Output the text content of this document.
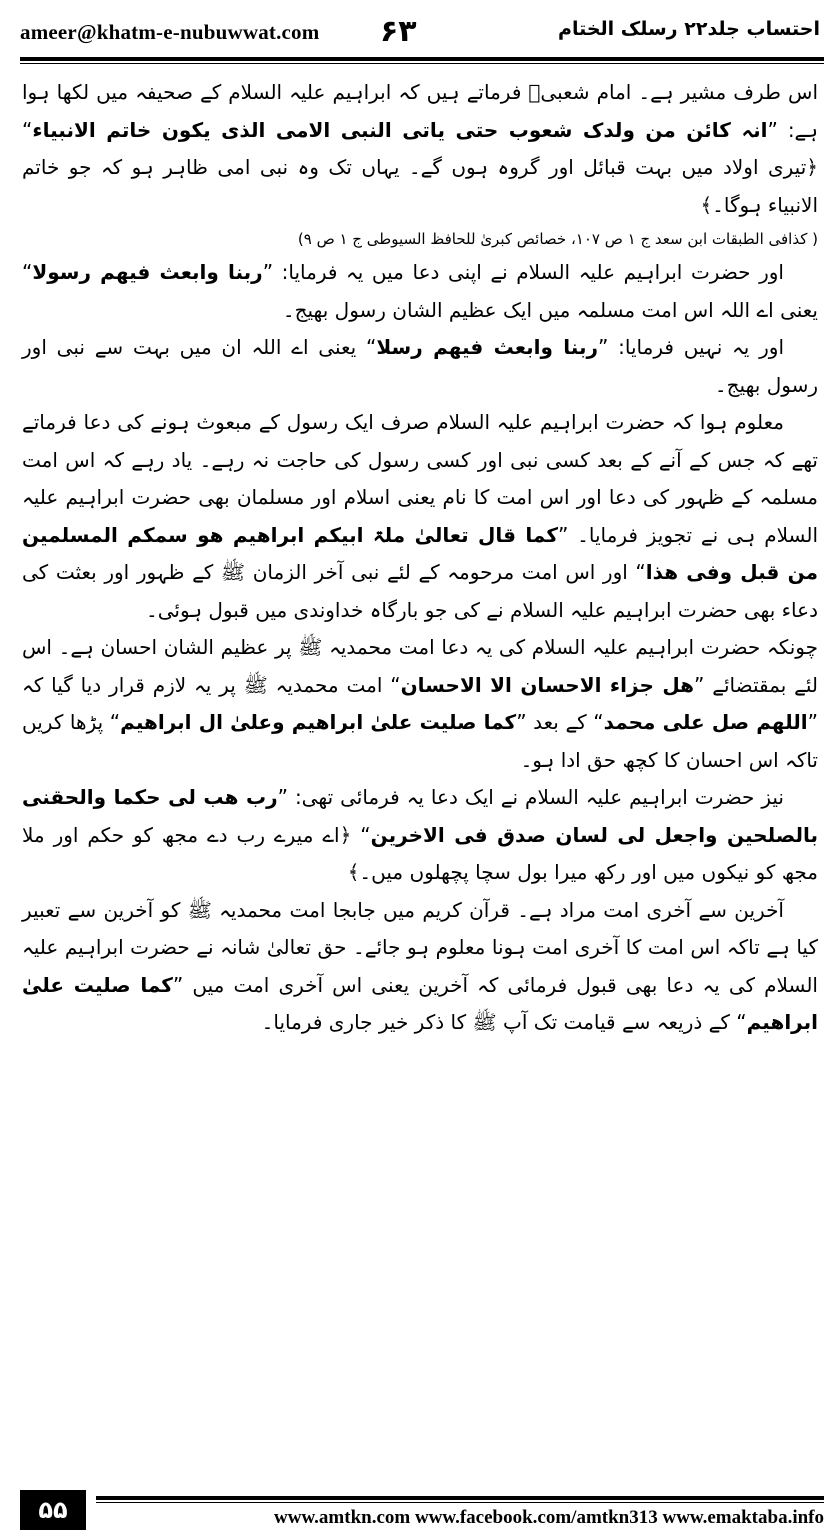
ameer@khatm-e-nubuwwat.com ۶۳	احتساب جلد۲۲ رسلک الختام

اس طرف مشیر ہے۔ امام شعبیؒ فرماتے ہیں کہ ابراہیم علیہ السلام کے صحیفہ میں لکھا ہوا ہے: ”انہ کائن من ولدک شعوب حتی یاتی النبی الامی الذی یکون خاتم الانبیاء“ ﴿تیری اولاد میں بہت قبائل اور گروہ ہوں گے۔ یہاں تک وہ نبی امی ظاہر ہو کہ جو خاتم الانبیاء ہوگا۔﴾

( کذافی الطبقات ابن سعد ج ۱ ص ۱۰۷، خصائص کبریٰ للحافظ السیوطی ج ۱ ص ۹)

اور حضرت ابراہیم علیہ السلام نے اپنی دعا میں یہ فرمایا: ”ربنا وابعث فیھم رسولا“ یعنی اے اللہ اس امت مسلمہ میں ایک عظیم الشان رسول بھیج۔

اور یہ نہیں فرمایا: ”ربنا وابعث فیھم رسلا“ یعنی اے اللہ ان میں بہت سے نبی اور رسول بھیج۔

معلوم ہوا کہ حضرت ابراہیم علیہ السلام صرف ایک رسول کے مبعوث ہونے کی دعا فرماتے تھے کہ جس کے آنے کے بعد کسی نبی اور کسی رسول کی حاجت نہ رہے۔ یاد رہے کہ اس امت مسلمہ کے ظہور کی دعا اور اس امت کا نام یعنی اسلام اور مسلمان بھی حضرت ابراہیم علیہ السلام ہی نے تجویز فرمایا۔ ”کما قال تعالیٰ ملۃ ابیکم ابراھیم ھو سمکم المسلمین من قبل وفی ھذا“ اور اس امت مرحومہ کے لئے نبی آخر الزمان ﷺ کے ظہور اور بعثت کی دعاء بھی حضرت ابراہیم علیہ السلام نے کی جو بارگاہ خداوندی میں قبول ہوئی۔

چونکہ حضرت ابراہیم علیہ السلام کی یہ دعا امت محمدیہ ﷺ پر عظیم الشان احسان ہے۔ اس لئے بمقتضائے ”ھل جزاء الاحسان الا الاحسان“ امت محمدیہ ﷺ پر یہ لازم قرار دیا گیا کہ ”اللھم صل علی محمد“ کے بعد ”کما صلیت علیٰ ابراھیم وعلیٰ ال ابراھیم“ پڑھا کریں تاکہ اس احسان کا کچھ حق ادا ہو۔

نیز حضرت ابراہیم علیہ السلام نے ایک دعا یہ فرمائی تھی: ”رب ھب لی حکما والحقنی بالصلحین واجعل لی لسان صدق فی الاخرین“ ﴿اے میرے رب دے مجھ کو حکم اور ملا مجھ کو نیکوں میں اور رکھ میرا بول سچا پچھلوں میں۔﴾

آخرین سے آخری امت مراد ہے۔ قرآن کریم میں جابجا امت محمدیہ ﷺ کو آخرین سے تعبیر کیا ہے تاکہ اس امت کا آخری امت ہونا معلوم ہو جائے۔ حق تعالیٰ شانہ نے حضرت ابراہیم علیہ السلام کی یہ دعا بھی قبول فرمائی کہ آخرین یعنی اس آخری امت میں ”کما صلیت علیٰ ابراھیم“ کے ذریعہ سے قیامت تک آپ ﷺ کا ذکر خیر جاری فرمایا۔

۵۵	www.amtkn.com www.facebook.com/amtkn313 www.emaktaba.info
